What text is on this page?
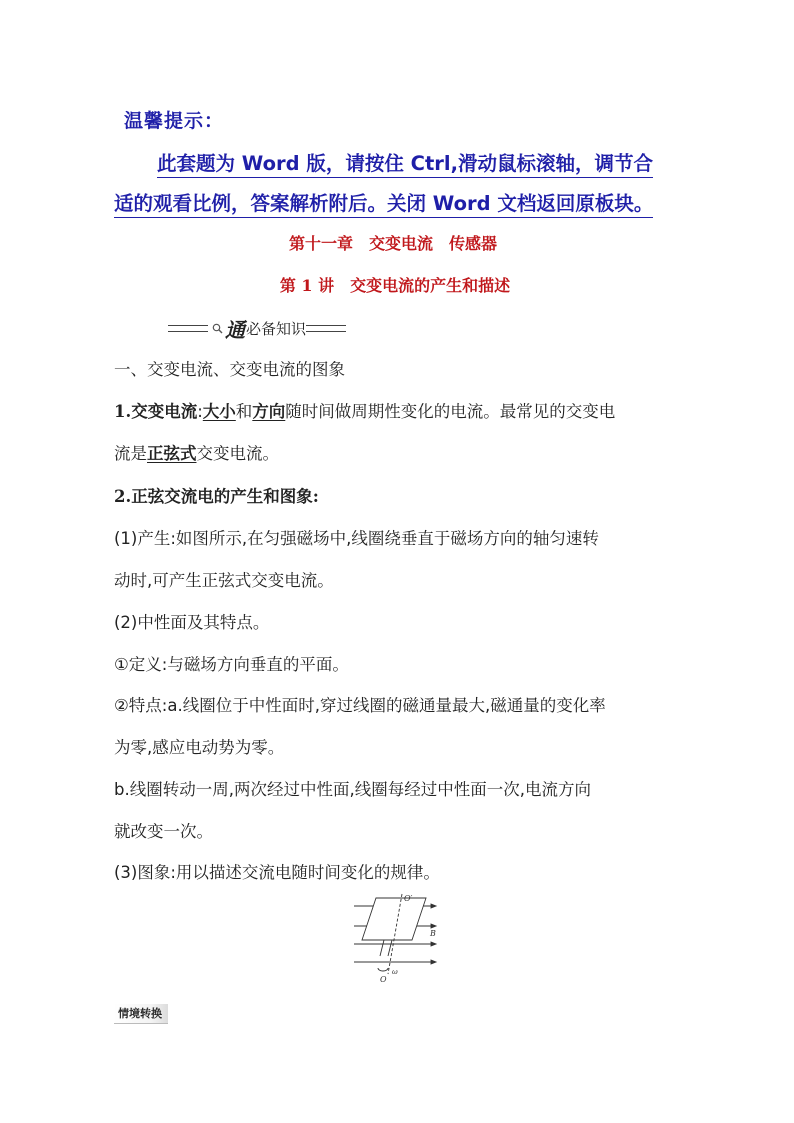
温馨提示：
此套题为 Word 版，请按住 Ctrl,滑动鼠标滚轴，调节合
适的观看比例，答案解析附后。关闭 Word 文档返回原板块。
第十一章　交变电流　传感器
第 1 讲　交变电流的产生和描述
通 必备知识
一、交变电流、交变电流的图象
1.交变电流:大小和方向随时间做周期性变化的电流。最常见的交变电
流是正弦式交变电流。
2.正弦交流电的产生和图象:
(1)产生:如图所示,在匀强磁场中,线圈绕垂直于磁场方向的轴匀速转
动时,可产生正弦式交变电流。
(2)中性面及其特点。
①定义:与磁场方向垂直的平面。
②特点:a.线圈位于中性面时,穿过线圈的磁通量最大,磁通量的变化率
为零,感应电动势为零。
b.线圈转动一周,两次经过中性面,线圈每经过中性面一次,电流方向
就改变一次。
(3)图象:用以描述交流电随时间变化的规律。
O′
B
ω
O
情境转换
